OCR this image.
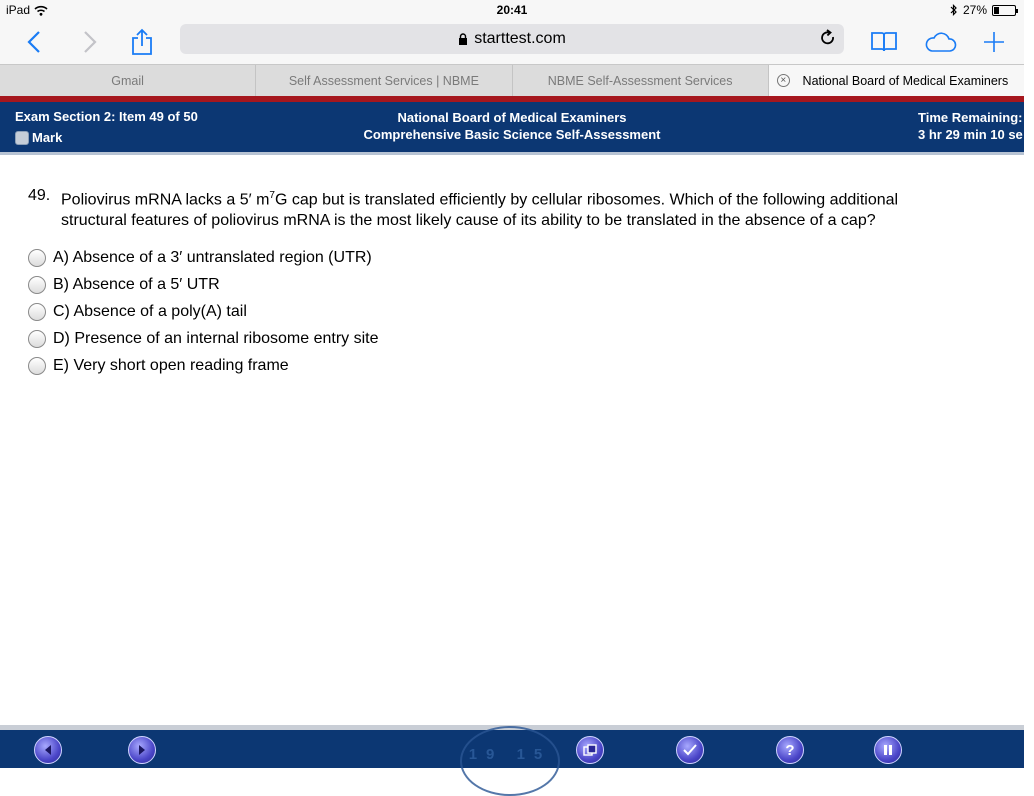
iPad	20:41	27%
starttest.com
Gmail	Self Assessment Services | NBME	NBME Self-Assessment Services	× National Board of Medical Examiners
Exam Section 2: Item 49 of 50
Mark
National Board of Medical Examiners
Comprehensive Basic Science Self-Assessment
Time Remaining:
3 hr 29 min 10 se
49. Poliovirus mRNA lacks a 5′ $m^7G$ cap but is translated efficiently by cellular ribosomes. Which of the following additional structural features of poliovirus mRNA is the most likely cause of its ability to be translated in the absence of a cap?
A) Absence of a 3′ untranslated region (UTR)
B) Absence of a 5′ UTR
C) Absence of a poly(A) tail
D) Presence of an internal ribosome entry site
E) Very short open reading frame
19 15
Previous	Next	Lab Values	Review
?
Help	Pause
